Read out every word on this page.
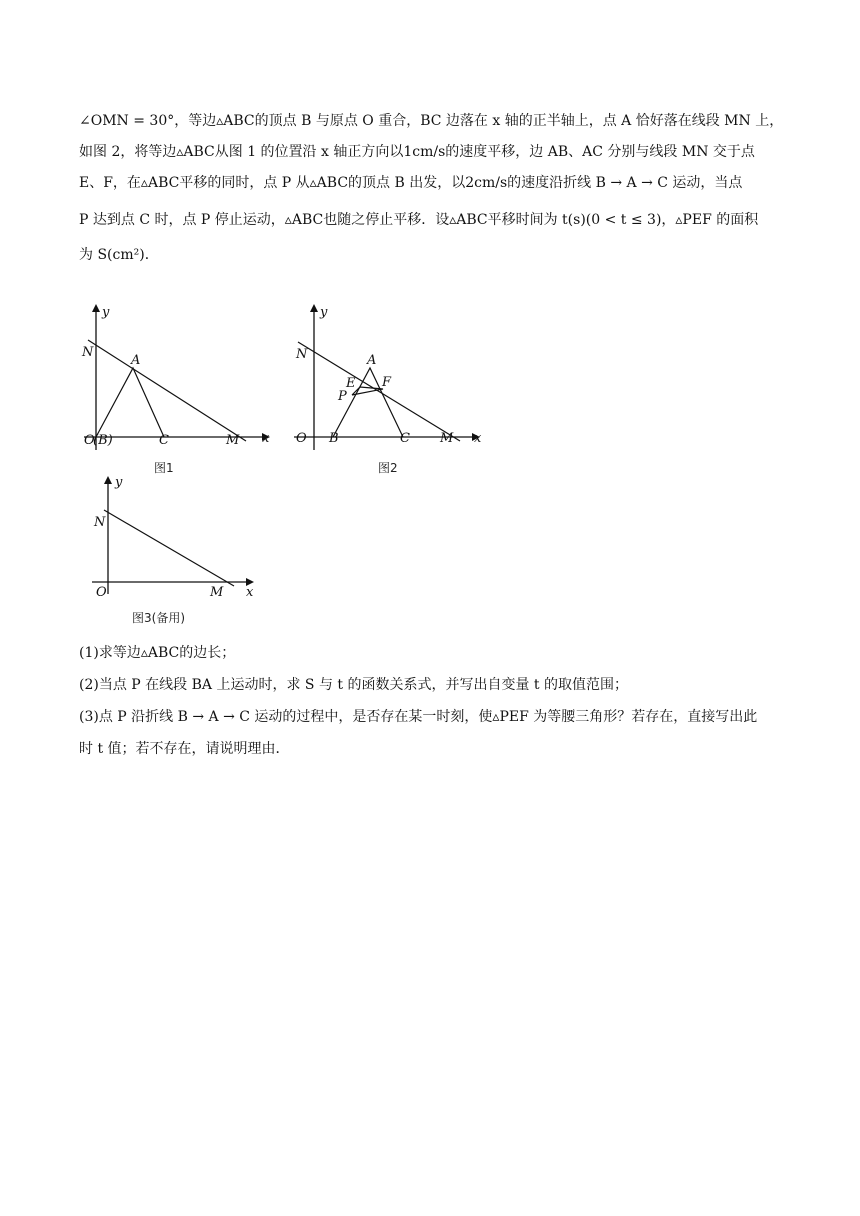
∠OMN = 30°，等边▵ABC的顶点 B 与原点 O 重合，BC 边落在 x 轴的正半轴上，点 A 恰好落在线段 MN 上，

如图 2，将等边▵ABC从图 1 的位置沿 x 轴正方向以1cm/s的速度平移，边 AB、AC 分别与线段 MN 交于点

E、F，在▵ABC平移的同时，点 P 从▵ABC的顶点 B 出发，以2cm/s的速度沿折线 B → A → C 运动，当点

P 达到点 C 时，点 P 停止运动，▵ABC也随之停止平移．设▵ABC平移时间为 t(s)(0 < t ≤ 3)，▵PEF 的面积

为 S(cm²)．

y
x
N
A
O
(B)	C	M
图1
y
x
N	A
E F
P
O B	C M
图2
y
x
N
O	M
图3(备用)

(1)求等边▵ABC的边长；

(2)当点 P 在线段 BA 上运动时，求 S 与 t 的函数关系式，并写出自变量 t 的取值范围；

(3)点 P 沿折线 B → A → C 运动的过程中，是否存在某一时刻，使▵PEF 为等腰三角形？若存在，直接写出此

时 t 值；若不存在，请说明理由．
